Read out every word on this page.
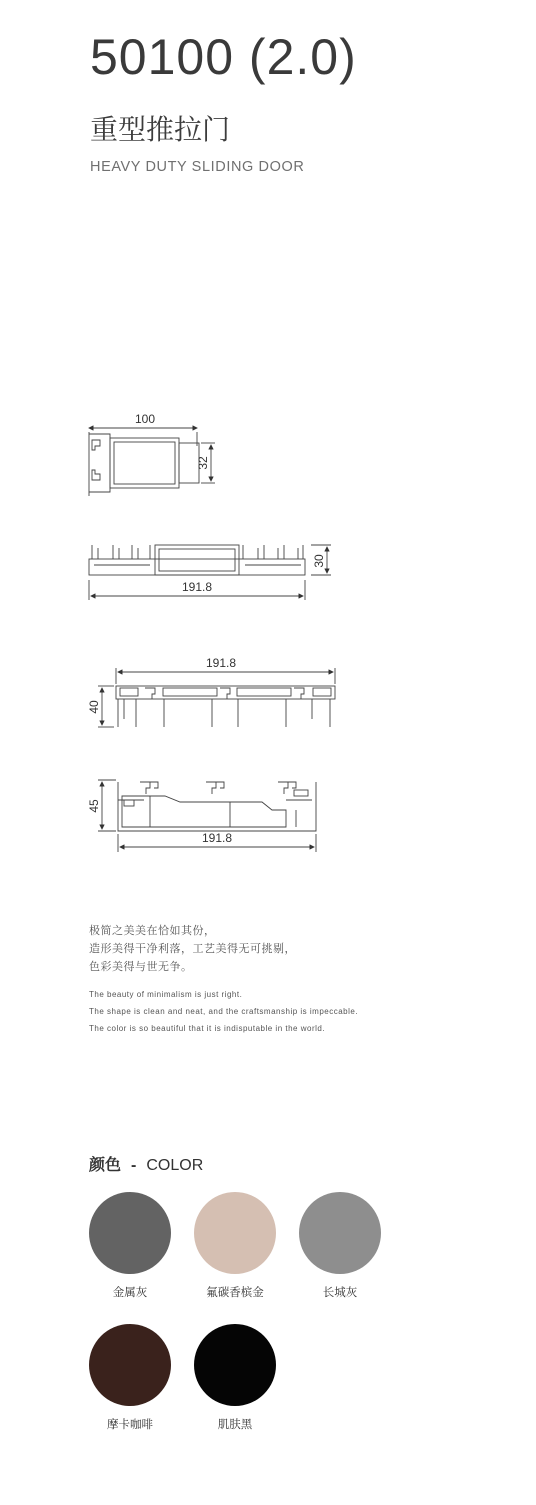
50100 (2.0)
重型推拉门
HEAVY DUTY SLIDING DOOR
100
32
191.8
30
191.8
40
191.8
45
极简之美美在恰如其份，
造形美得干净利落，工艺美得无可挑剔，
色彩美得与世无争。
The beauty of minimalism is just right.
The shape is clean and neat, and the craftsmanship is impeccable.
The color is so beautiful that it is indisputable in the world.
颜色 - COLOR
金属灰	氟碳香槟金	长城灰
摩卡咖啡	肌肤黑
